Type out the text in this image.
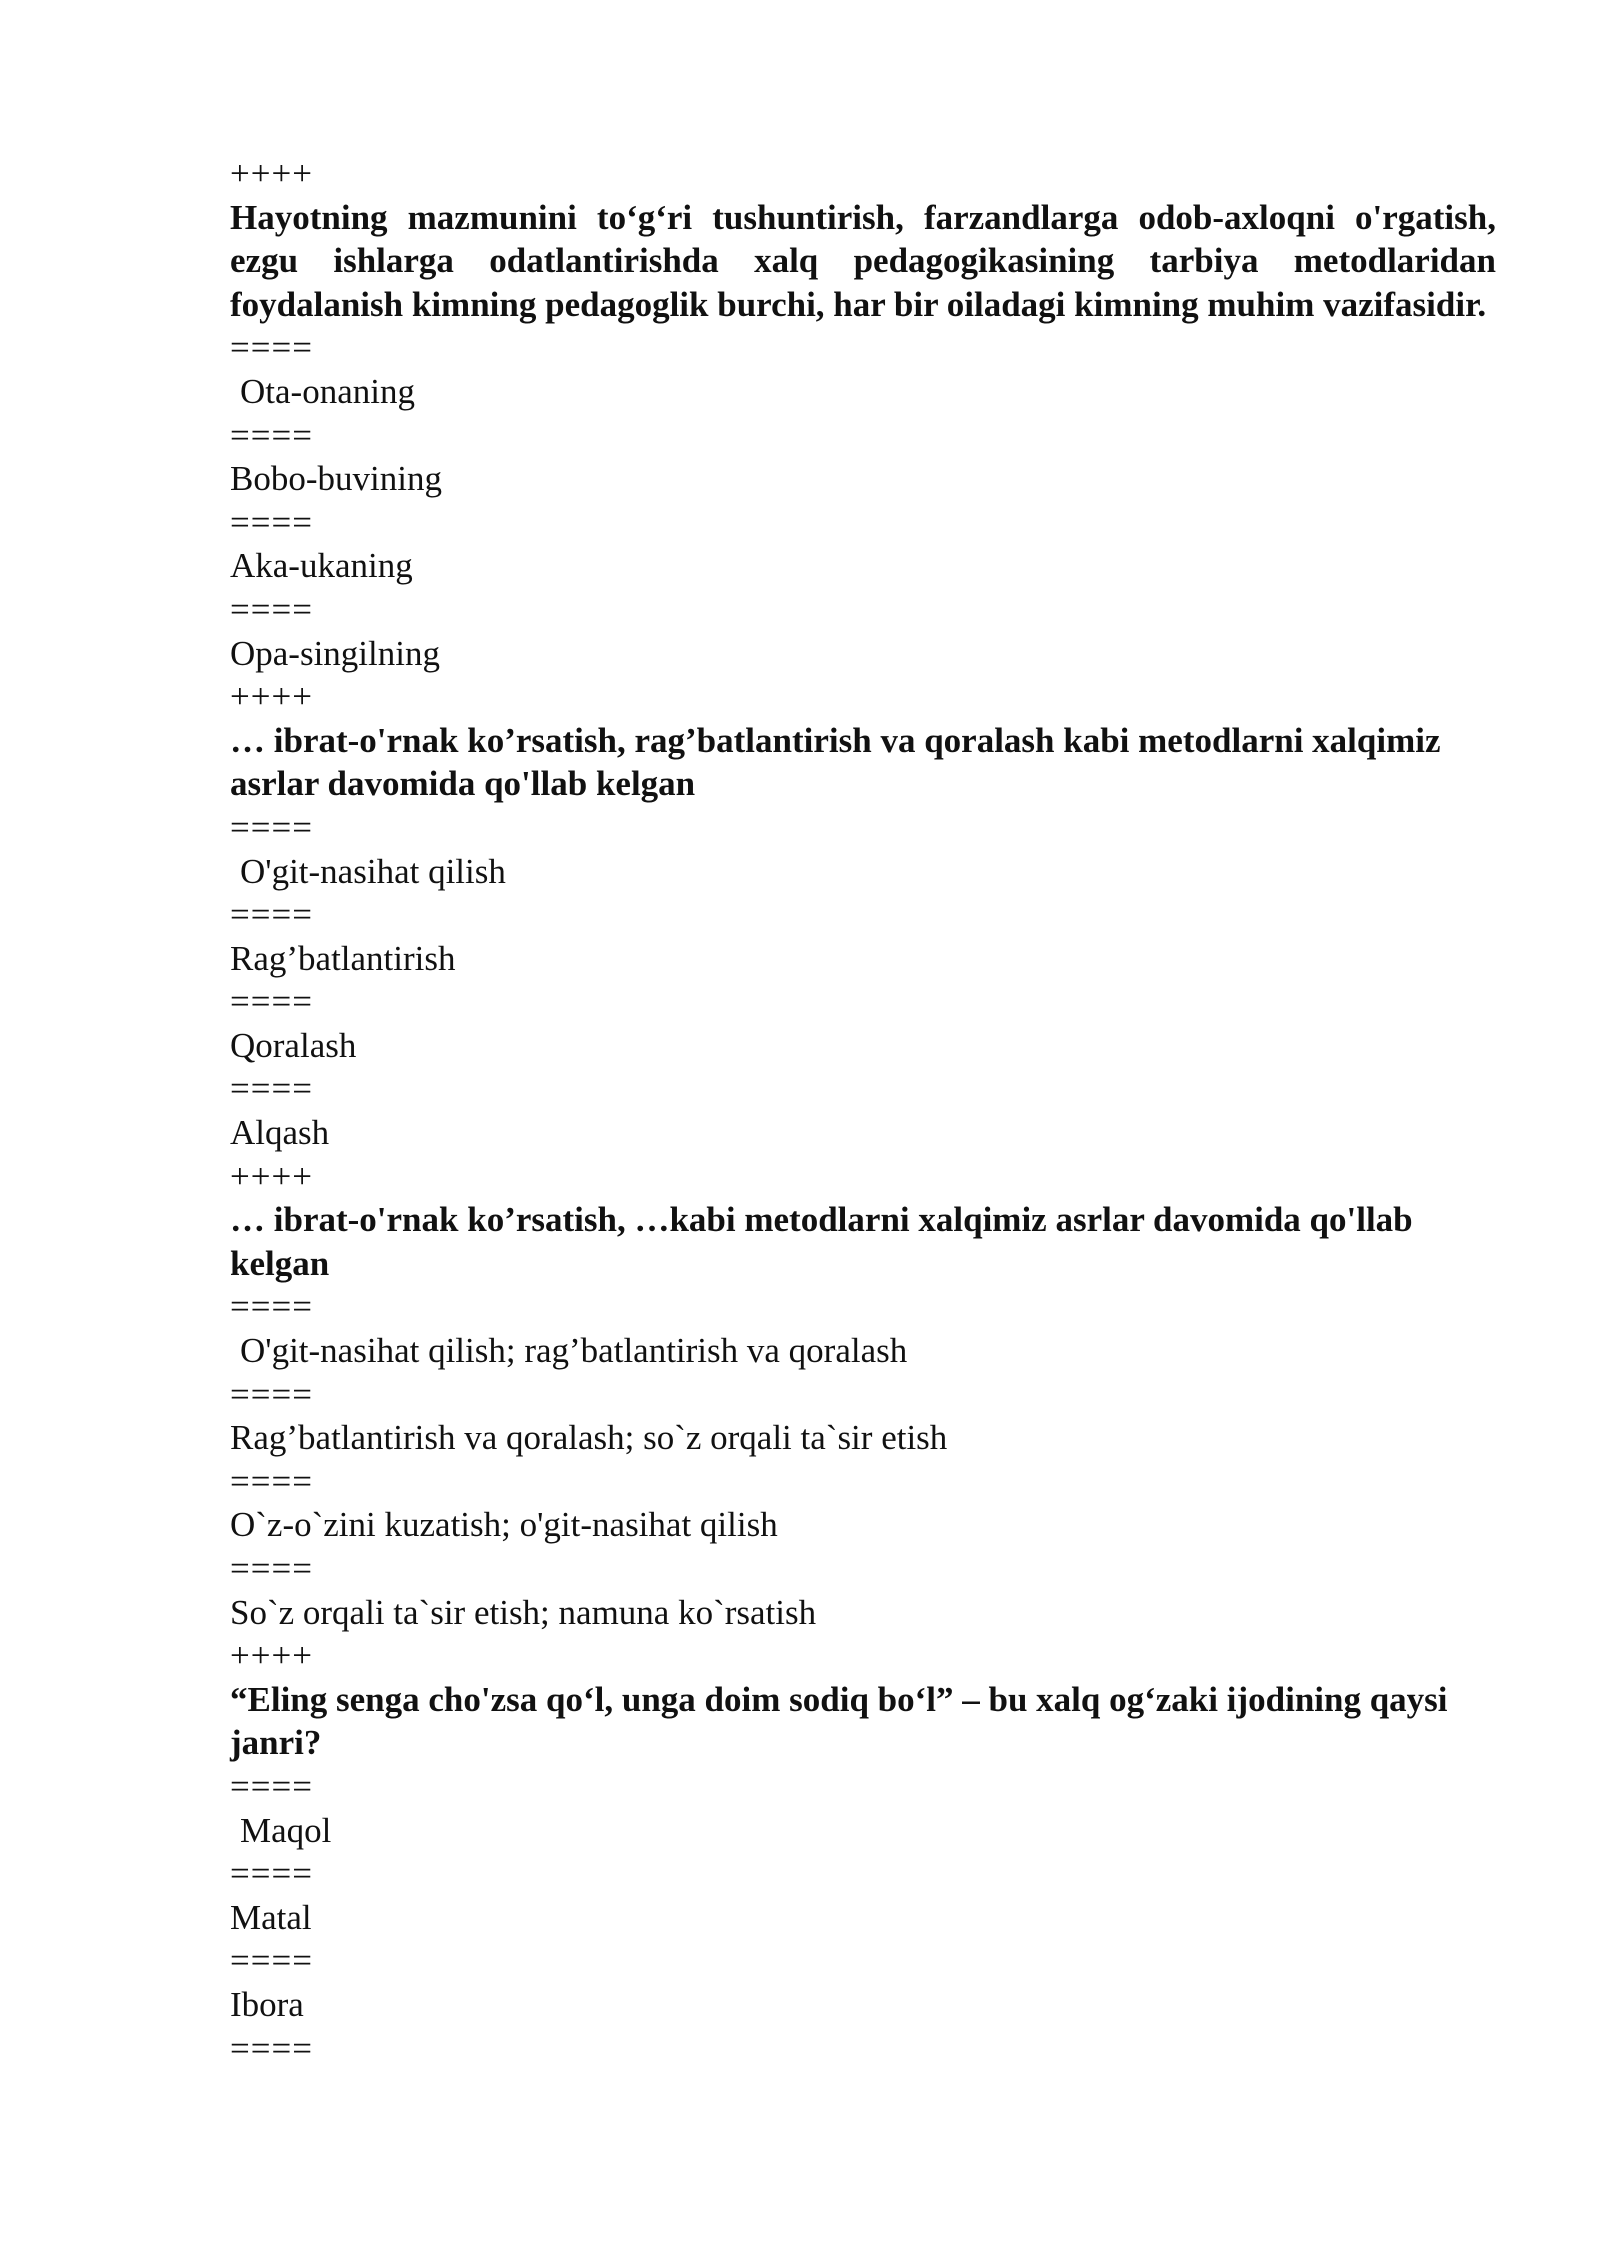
++++
Hayotning mazmunini to‘g‘ri tushuntirish, farzandlarga odob-axloqni o'rgatish, ezgu ishlarga odatlantirishda xalq pedagogikasining tarbiya metodlaridan foydalanish kimning pedagoglik burchi, har bir oiladagi kimning muhim vazifasidir.
====
Ota-onaning
====
Bobo-buvining
====
Aka-ukaning
====
Opa-singilning
++++
… ibrat-o'rnak ko’rsatish, rag’batlantirish va qoralash kabi metodlarni xalqimiz asrlar davomida qo'llab kelgan
====
O'git-nasihat qilish
====
Rag’batlantirish
====
Qoralash
====
Alqash
++++
… ibrat-o'rnak ko’rsatish, …kabi metodlarni xalqimiz asrlar davomida qo'llab kelgan
====
O'git-nasihat qilish; rag’batlantirish va qoralash
====
Rag’batlantirish va qoralash; so`z orqali ta`sir etish
====
O`z-o`zini kuzatish; o'git-nasihat qilish
====
So`z orqali ta`sir etish; namuna ko`rsatish
++++
“Eling senga cho'zsa qo‘l, unga doim sodiq bo‘l” – bu xalq og‘zaki ijodining qaysi janri?
====
Maqol
====
Matal
====
Ibora
====
